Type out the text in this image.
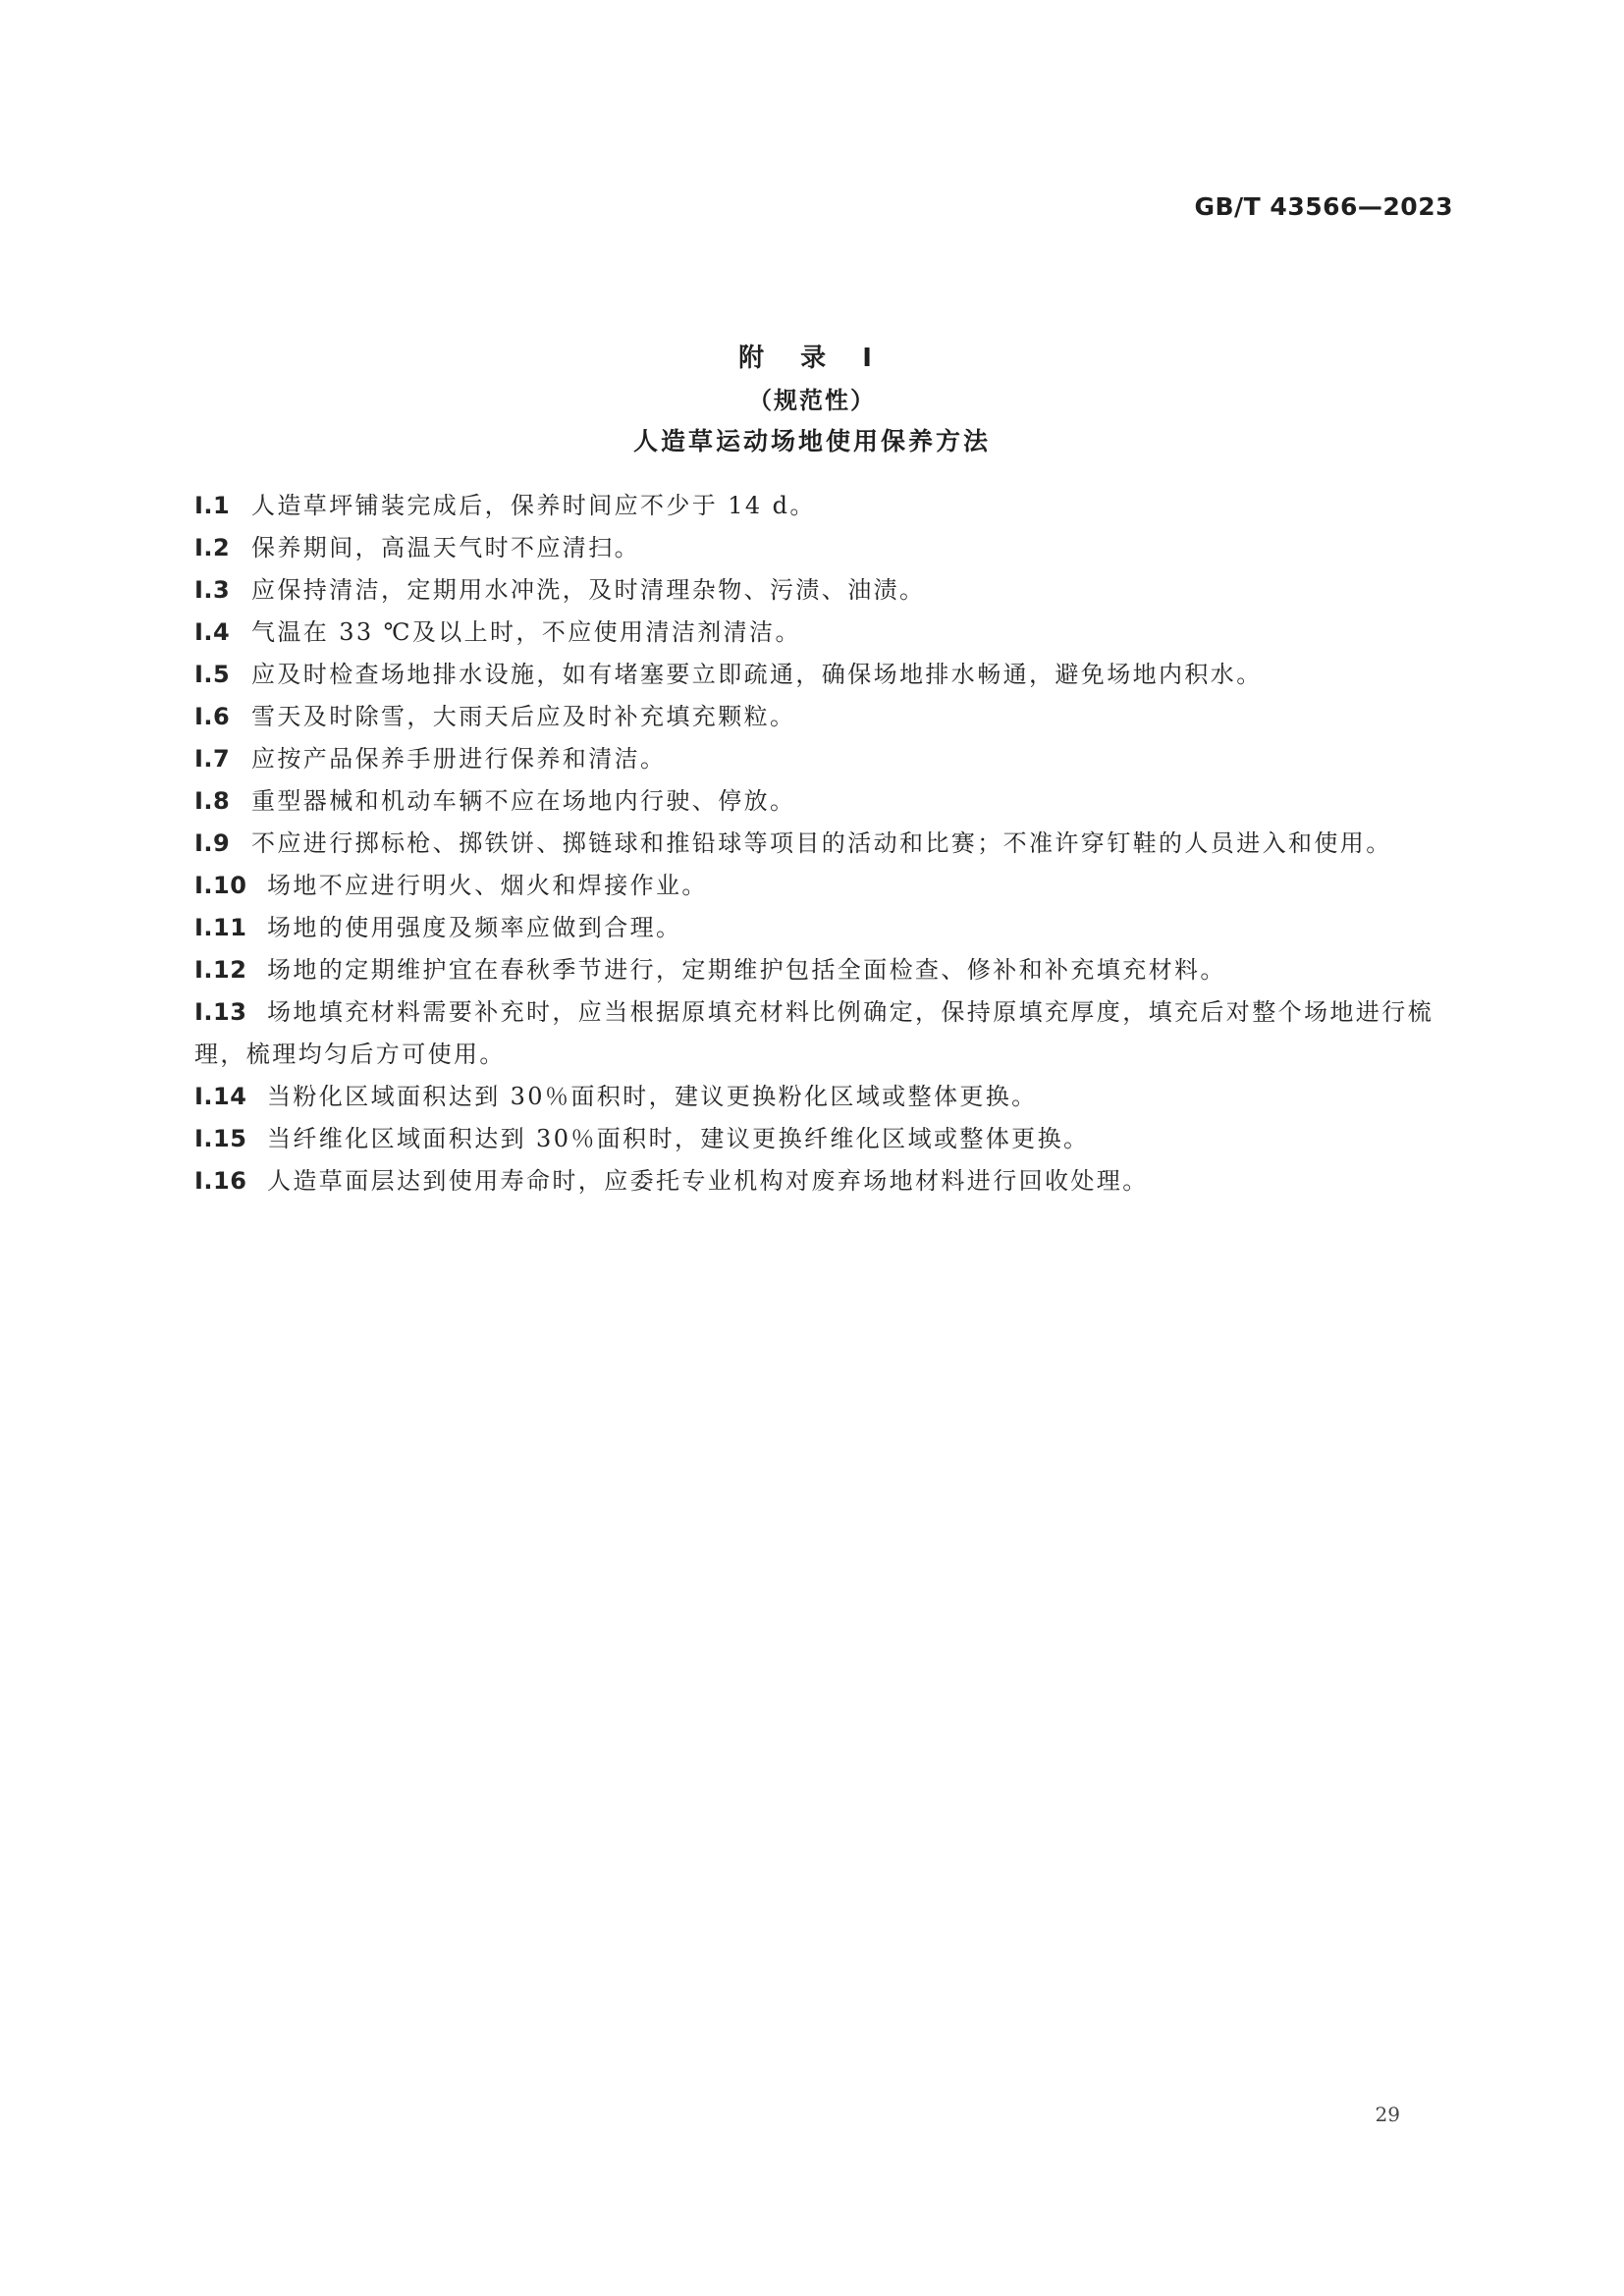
GB/T 43566—2023
附 录 I
（规范性）
人造草运动场地使用保养方法

I.1 人造草坪铺装完成后，保养时间应不少于 14 d。

I.2 保养期间，高温天气时不应清扫。

I.3 应保持清洁，定期用水冲洗，及时清理杂物、污渍、油渍。

I.4 气温在 33 ℃及以上时，不应使用清洁剂清洁。

I.5 应及时检查场地排水设施，如有堵塞要立即疏通，确保场地排水畅通，避免场地内积水。

I.6 雪天及时除雪，大雨天后应及时补充填充颗粒。

I.7 应按产品保养手册进行保养和清洁。

I.8 重型器械和机动车辆不应在场地内行驶、停放。

I.9 不应进行掷标枪、掷铁饼、掷链球和推铅球等项目的活动和比赛；不准许穿钉鞋的人员进入和使用。

I.10 场地不应进行明火、烟火和焊接作业。

I.11 场地的使用强度及频率应做到合理。

I.12 场地的定期维护宜在春秋季节进行，定期维护包括全面检查、修补和补充填充材料。

I.13 场地填充材料需要补充时，应当根据原填充材料比例确定，保持原填充厚度，填充后对整个场地进行梳理，梳理均匀后方可使用。

I.14 当粉化区域面积达到 30％面积时，建议更换粉化区域或整体更换。

I.15 当纤维化区域面积达到 30％面积时，建议更换纤维化区域或整体更换。

I.16 人造草面层达到使用寿命时，应委托专业机构对废弃场地材料进行回收处理。

29
